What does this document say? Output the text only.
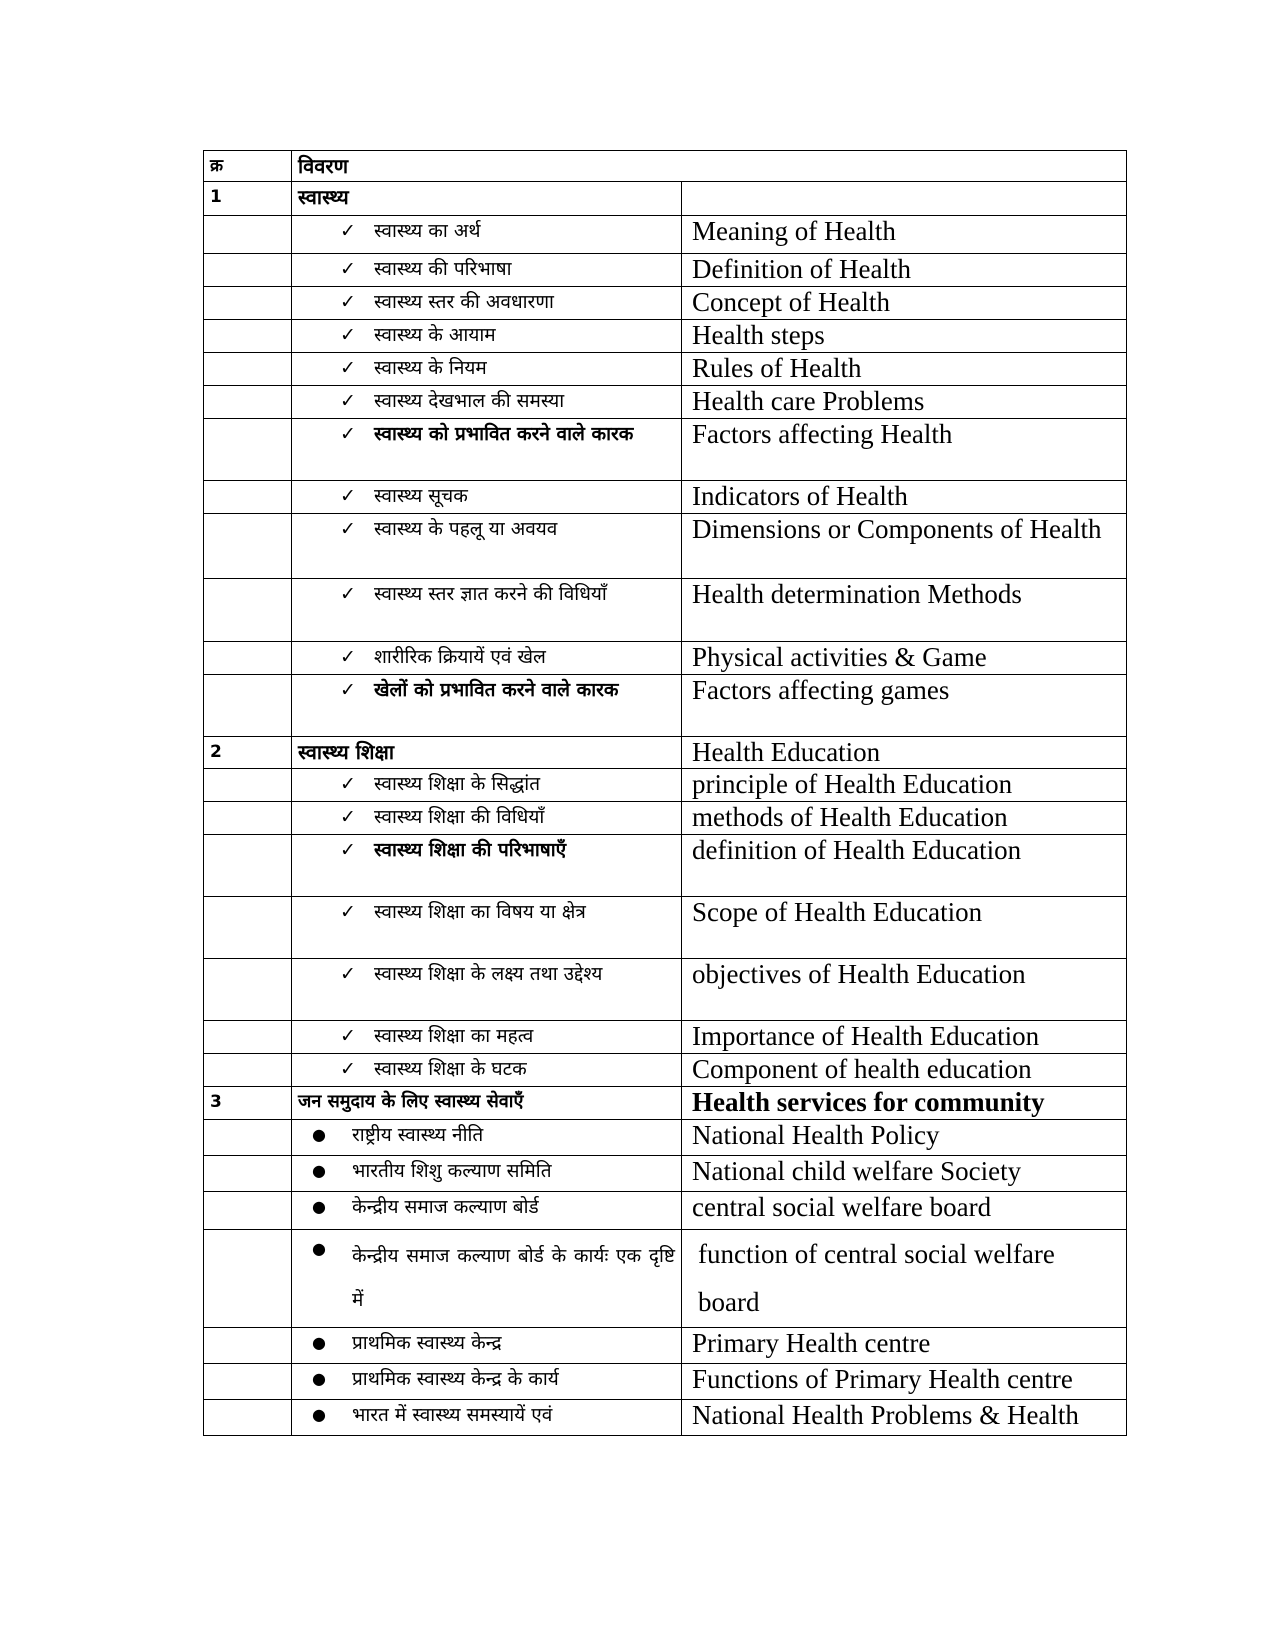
क्र	विवरण	
1	स्वास्थ्य	

	✓ स्वास्थ्य का अर्थ	Meaning of Health

	✓ स्वास्थ्य की परिभाषा	Definition of Health

	✓ स्वास्थ्य स्तर की अवधारणा	Concept of Health

	✓ स्वास्थ्य के आयाम	Health steps

	✓ स्वास्थ्य के नियम	Rules of Health

	✓ स्वास्थ्य देखभाल की समस्या	Health care Problems

	✓ स्वास्थ्य को प्रभावित करने वाले कारक	Factors affecting Health

	✓ स्वास्थ्य सूचक	Indicators of Health

	✓ स्वास्थ्य के पहलू या अवयव	Dimensions or Components of Health

	✓ स्वास्थ्य स्तर ज्ञात करने की विधियाँ	Health determination Methods

	✓ शारीरिक क्रियायें एवं खेल	Physical activities & Game

	✓ खेलों को प्रभावित करने वाले कारक	Factors affecting games
2	स्वास्थ्य शिक्षा	Health Education

	✓ स्वास्थ्य शिक्षा के सिद्धांत	principle of Health Education

	✓ स्वास्थ्य शिक्षा की विधियाँ	methods of Health Education

	✓ स्वास्थ्य शिक्षा की परिभाषाएँ	definition of Health Education

	✓ स्वास्थ्य शिक्षा का विषय या क्षेत्र	Scope of Health Education

	✓ स्वास्थ्य शिक्षा के लक्ष्य तथा उद्देश्य	objectives of Health Education

	✓ स्वास्थ्य शिक्षा का महत्व	Importance of Health Education

	✓ स्वास्थ्य शिक्षा के घटक	Component of health education
3	जन समुदाय के लिए स्वास्थ्य सेवाएँ	Health services for community

	● राष्ट्रीय स्वास्थ्य नीति	National Health Policy

	● भारतीय शिशु कल्याण समिति	National child welfare Society

	● केन्द्रीय समाज कल्याण बोर्ड	central social welfare board

	● केन्द्रीय समाज कल्याण बोर्ड के कार्यः एक दृष्टि में	function of central social welfare board

	● प्राथमिक स्वास्थ्य केन्द्र	Primary Health centre

	● प्राथमिक स्वास्थ्य केन्द्र के कार्य	Functions of Primary Health centre

	● भारत में स्वास्थ्य समस्यायें एवं	National Health Problems & Health
